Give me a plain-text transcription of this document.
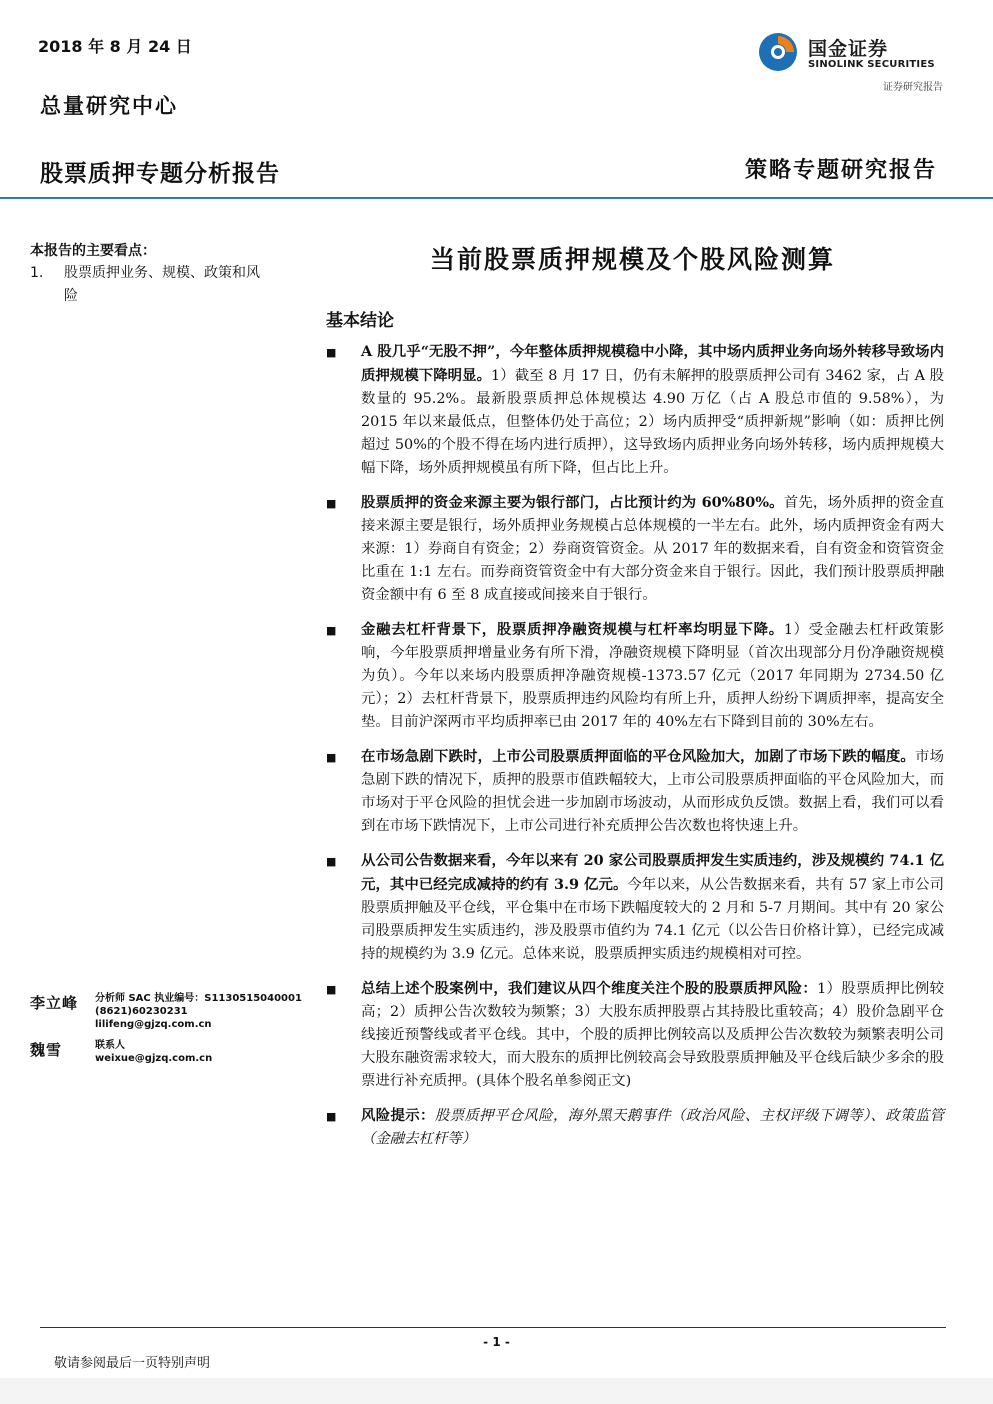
2018 年 8 月 24 日
总量研究中心
股票质押专题分析报告	策略专题研究报告
国金证券
SINOLINK SECURITIES
证券研究报告
本报告的主要看点：
1.	股票质押业务、规模、政策和风险
当前股票质押规模及个股风险测算
基本结论
■	A 股几乎“无股不押”，今年整体质押规模稳中小降，其中场内质押业务向场外转移导致场内质押规模下降明显。1）截至 8 月 17 日，仍有未解押的股票质押公司有 3462 家，占 A 股数量的 95.2%。最新股票质押总体规模达 4.90 万亿（占 A 股总市值的 9.58%），为 2015 年以来最低点，但整体仍处于高位；2）场内质押受“质押新规”影响（如：质押比例超过 50%的个股不得在场内进行质押），这导致场内质押业务向场外转移，场内质押规模大幅下降，场外质押规模虽有所下降，但占比上升。
■	股票质押的资金来源主要为银行部门，占比预计约为 60%80%。首先，场外质押的资金直接来源主要是银行，场外质押业务规模占总体规模的一半左右。此外，场内质押资金有两大来源：1）券商自有资金；2）券商资管资金。从 2017 年的数据来看，自有资金和资管资金比重在 1:1 左右。而券商资管资金中有大部分资金来自于银行。因此，我们预计股票质押融资金额中有 6 至 8 成直接或间接来自于银行。
■	金融去杠杆背景下，股票质押净融资规模与杠杆率均明显下降。1）受金融去杠杆政策影响，今年股票质押增量业务有所下滑，净融资规模下降明显（首次出现部分月份净融资规模为负）。今年以来场内股票质押净融资规模-1373.57 亿元（2017 年同期为 2734.50 亿元）；2）去杠杆背景下，股票质押违约风险均有所上升，质押人纷纷下调质押率，提高安全垫。目前沪深两市平均质押率已由 2017 年的 40%左右下降到目前的 30%左右。
■	在市场急剧下跌时，上市公司股票质押面临的平仓风险加大，加剧了市场下跌的幅度。市场急剧下跌的情况下，质押的股票市值跌幅较大，上市公司股票质押面临的平仓风险加大，而市场对于平仓风险的担忧会进一步加剧市场波动，从而形成负反馈。数据上看，我们可以看到在市场下跌情况下，上市公司进行补充质押公告次数也将快速上升。
■	从公司公告数据来看，今年以来有 20 家公司股票质押发生实质违约，涉及规模约 74.1 亿元，其中已经完成减持的约有 3.9 亿元。今年以来，从公告数据来看，共有 57 家上市公司股票质押触及平仓线，平仓集中在市场下跌幅度较大的 2 月和 5-7 月期间。其中有 20 家公司股票质押发生实质违约，涉及股票市值约为 74.1 亿元（以公告日价格计算），已经完成减持的规模约为 3.9 亿元。总体来说，股票质押实质违约规模相对可控。
■	总结上述个股案例中，我们建议从四个维度关注个股的股票质押风险：1）股票质押比例较高；2）质押公告次数较为频繁；3）大股东质押股票占其持股比重较高；4）股价急剧平仓线接近预警线或者平仓线。其中，个股的质押比例较高以及质押公告次数较为频繁表明公司大股东融资需求较大，而大股东的质押比例较高会导致股票质押触及平仓线后缺少多余的股票进行补充质押。(具体个股名单参阅正文)
■	风险提示：股票质押平仓风险，海外黑天鹅事件（政治风险、主权评级下调等）、政策监管 （金融去杠杆等）
李立峰	分析师 SAC 执业编号：S1130515040001
(8621)60230231
lilifeng@gjzq.com.cn
魏雪	联系人
weixue@gjzq.com.cn
- 1 -
敬请参阅最后一页特别声明
